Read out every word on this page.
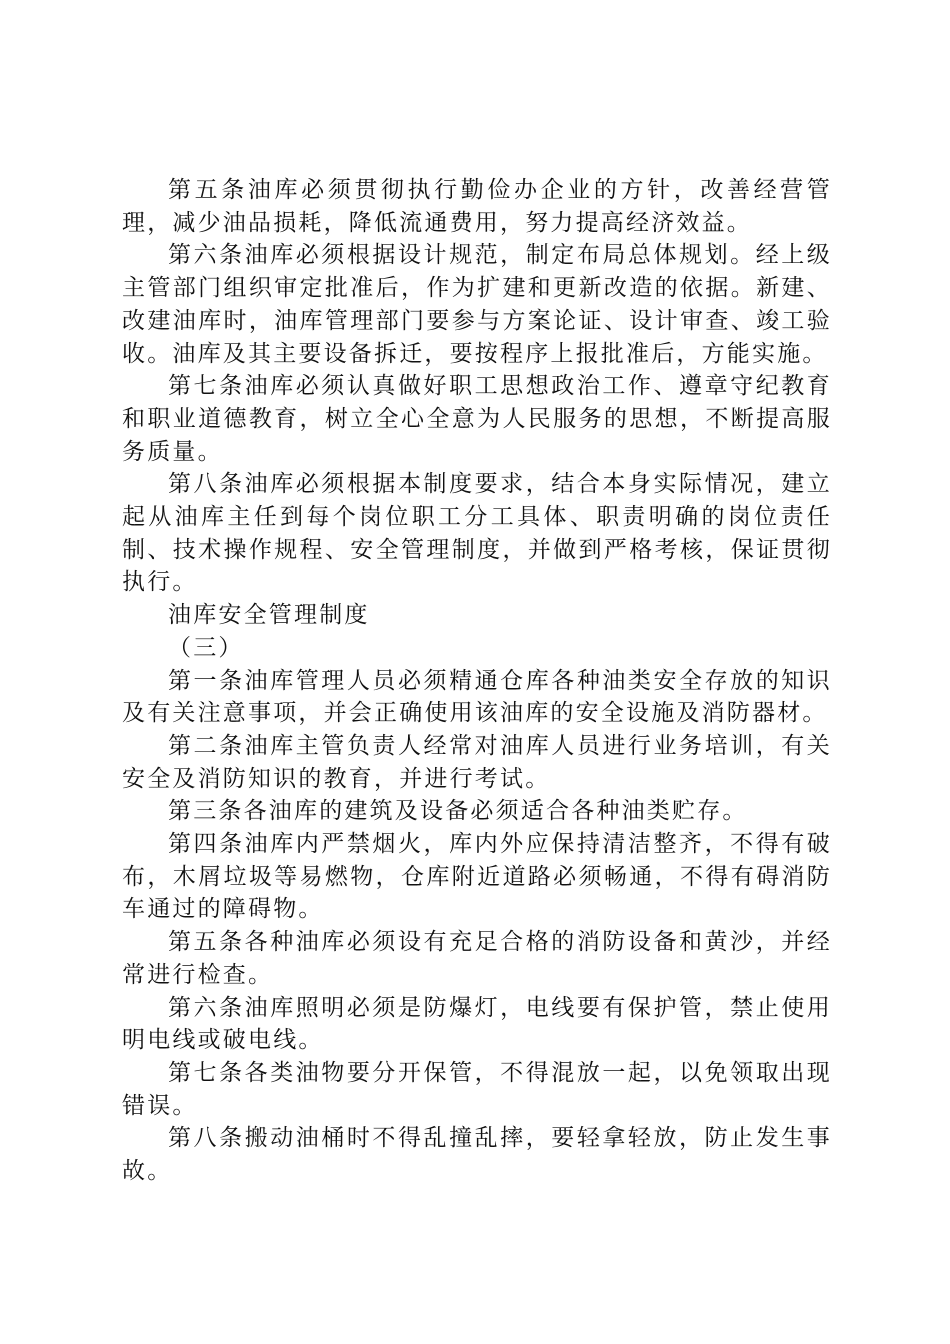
第五条油库必须贯彻执行勤俭办企业的方针，改善经营管理，减少油品损耗，降低流通费用，努力提高经济效益。

第六条油库必须根据设计规范，制定布局总体规划。经上级主管部门组织审定批准后，作为扩建和更新改造的依据。新建、改建油库时，油库管理部门要参与方案论证、设计审查、竣工验收。油库及其主要设备拆迁，要按程序上报批准后，方能实施。

第七条油库必须认真做好职工思想政治工作、遵章守纪教育和职业道德教育，树立全心全意为人民服务的思想，不断提高服务质量。

第八条油库必须根据本制度要求，结合本身实际情况，建立起从油库主任到每个岗位职工分工具体、职责明确的岗位责任制、技术操作规程、安全管理制度，并做到严格考核，保证贯彻执行。

油库安全管理制度

（三）

第一条油库管理人员必须精通仓库各种油类安全存放的知识及有关注意事项，并会正确使用该油库的安全设施及消防器材。

第二条油库主管负责人经常对油库人员进行业务培训，有关安全及消防知识的教育，并进行考试。

第三条各油库的建筑及设备必须适合各种油类贮存。

第四条油库内严禁烟火，库内外应保持清洁整齐，不得有破布，木屑垃圾等易燃物，仓库附近道路必须畅通，不得有碍消防车通过的障碍物。

第五条各种油库必须设有充足合格的消防设备和黄沙，并经常进行检查。

第六条油库照明必须是防爆灯，电线要有保护管，禁止使用明电线或破电线。

第七条各类油物要分开保管，不得混放一起，以免领取出现错误。

第八条搬动油桶时不得乱撞乱摔，要轻拿轻放，防止发生事故。
